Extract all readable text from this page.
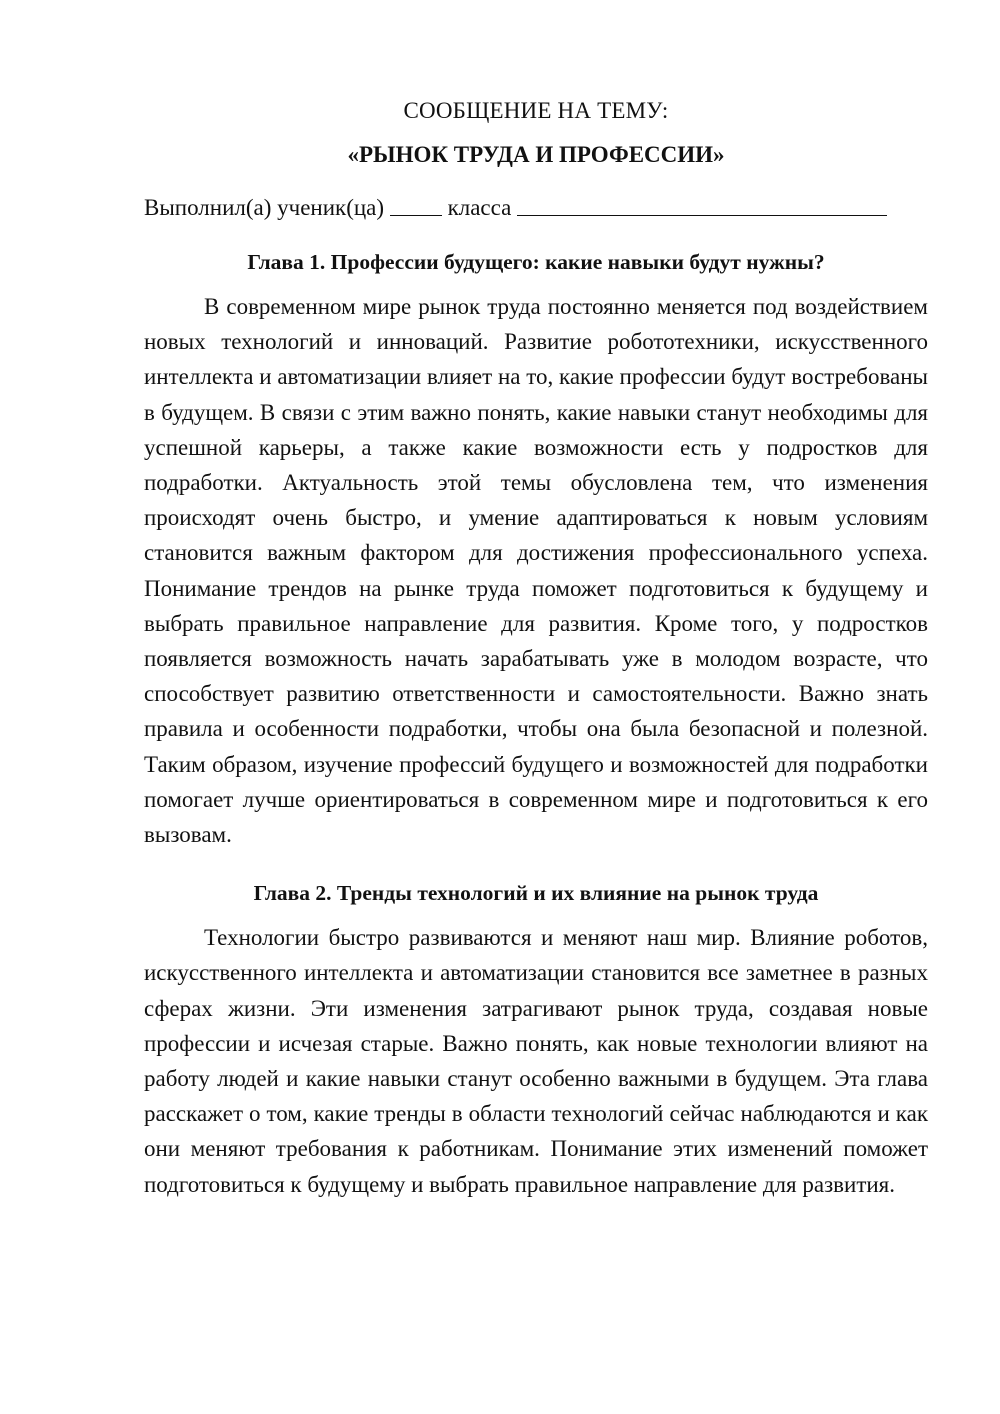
СООБЩЕНИЕ НА ТЕМУ:
«РЫНОК ТРУДА И ПРОФЕССИИ»

Выполнил(а) ученик(ца)	класса

Глава 1. Профессии будущего: какие навыки будут нужны?

В современном мире рынок труда постоянно меняется под воздействием новых технологий и инноваций. Развитие робототехники, искусственного интеллекта и автоматизации влияет на то, какие профессии будут востребованы в будущем. В связи с этим важно понять, какие навыки станут необходимы для успешной карьеры, а также какие возможности есть у подростков для подработки. Актуальность этой темы обусловлена тем, что изменения происходят очень быстро, и умение адаптироваться к новым условиям становится важным фактором для достижения профессионального успеха. Понимание трендов на рынке труда поможет подготовиться к будущему и выбрать правильное направление для развития. Кроме того, у подростков появляется возможность начать зарабатывать уже в молодом возрасте, что способствует развитию ответственности и самостоятельности. Важно знать правила и особенности подработки, чтобы она была безопасной и полезной. Таким образом, изучение профессий будущего и возможностей для подработки помогает лучше ориентироваться в современном мире и подготовиться к его вызовам.

Глава 2. Тренды технологий и их влияние на рынок труда

Технологии быстро развиваются и меняют наш мир. Влияние роботов, искусственного интеллекта и автоматизации становится все заметнее в разных сферах жизни. Эти изменения затрагивают рынок труда, создавая новые профессии и исчезая старые. Важно понять, как новые технологии влияют на работу людей и какие навыки станут особенно важными в будущем. Эта глава расскажет о том, какие тренды в области технологий сейчас наблюдаются и как они меняют требования к работникам. Понимание этих изменений поможет подготовиться к будущему и выбрать правильное направление для развития.
